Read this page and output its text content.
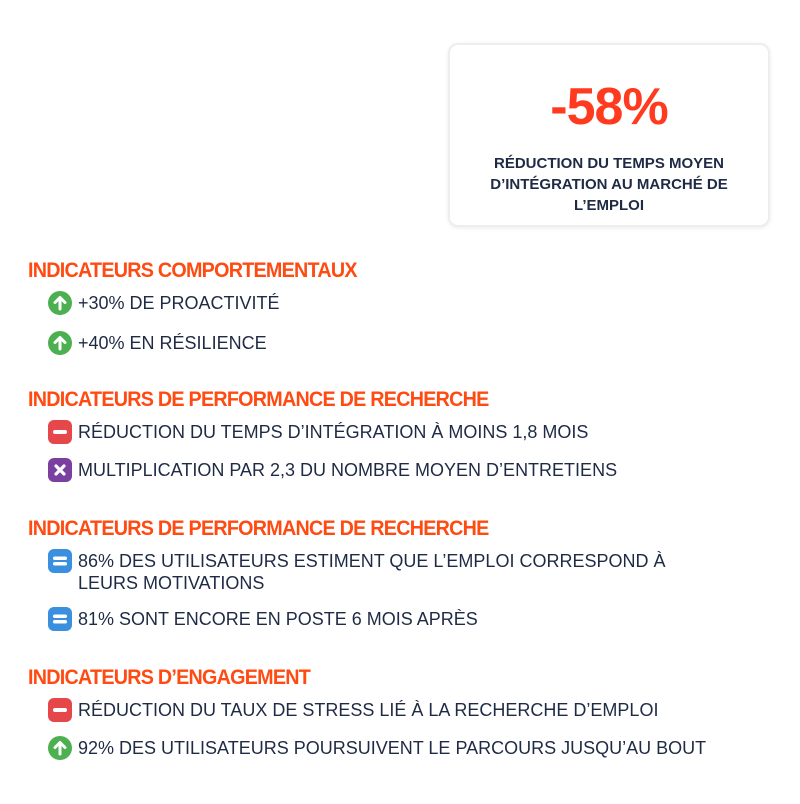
-58%
RÉDUCTION DU TEMPS MOYEN D’INTÉGRATION AU MARCHÉ DE L’EMPLOI
INDICATEURS COMPORTEMENTAUX
+30% DE PROACTIVITÉ
+40% EN RÉSILIENCE
INDICATEURS DE PERFORMANCE DE RECHERCHE
RÉDUCTION DU TEMPS D’INTÉGRATION À MOINS 1,8 MOIS
MULTIPLICATION PAR 2,3 DU NOMBRE MOYEN D’ENTRETIENS
INDICATEURS DE PERFORMANCE DE RECHERCHE
86% DES UTILISATEURS ESTIMENT QUE L’EMPLOI CORRESPOND À LEURS MOTIVATIONS
81% SONT ENCORE EN POSTE 6 MOIS APRÈS
INDICATEURS D’ENGAGEMENT
RÉDUCTION DU TAUX DE STRESS LIÉ À LA RECHERCHE D’EMPLOI
92% DES UTILISATEURS POURSUIVENT LE PARCOURS JUSQU’AU BOUT
